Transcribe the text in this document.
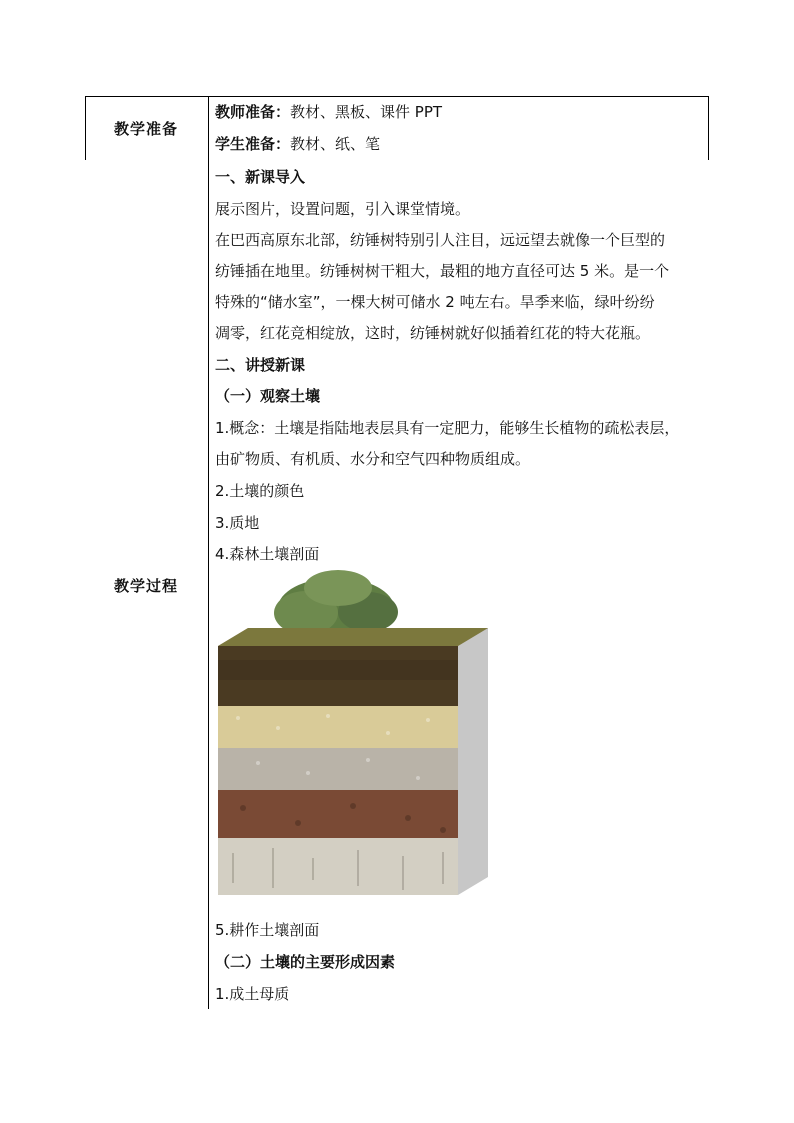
教学准备
教学过程
教师准备：教材、黑板、课件 PPT
学生准备：教材、纸、笔
一、新课导入
展示图片，设置问题，引入课堂情境。
在巴西高原东北部，纺锤树特别引人注目，远远望去就像一个巨型的
纺锤插在地里。纺锤树树干粗大，最粗的地方直径可达 5 米。是一个
特殊的“储水室”，一棵大树可储水 2 吨左右。旱季来临，绿叶纷纷
凋零，红花竞相绽放，这时，纺锤树就好似插着红花的特大花瓶。
二、讲授新课
（一）观察土壤
1.概念：土壤是指陆地表层具有一定肥力，能够生长植物的疏松表层，
由矿物质、有机质、水分和空气四种物质组成。
2.土壤的颜色
3.质地
4.森林土壤剖面
5.耕作土壤剖面
（二）土壤的主要形成因素
1.成土母质
